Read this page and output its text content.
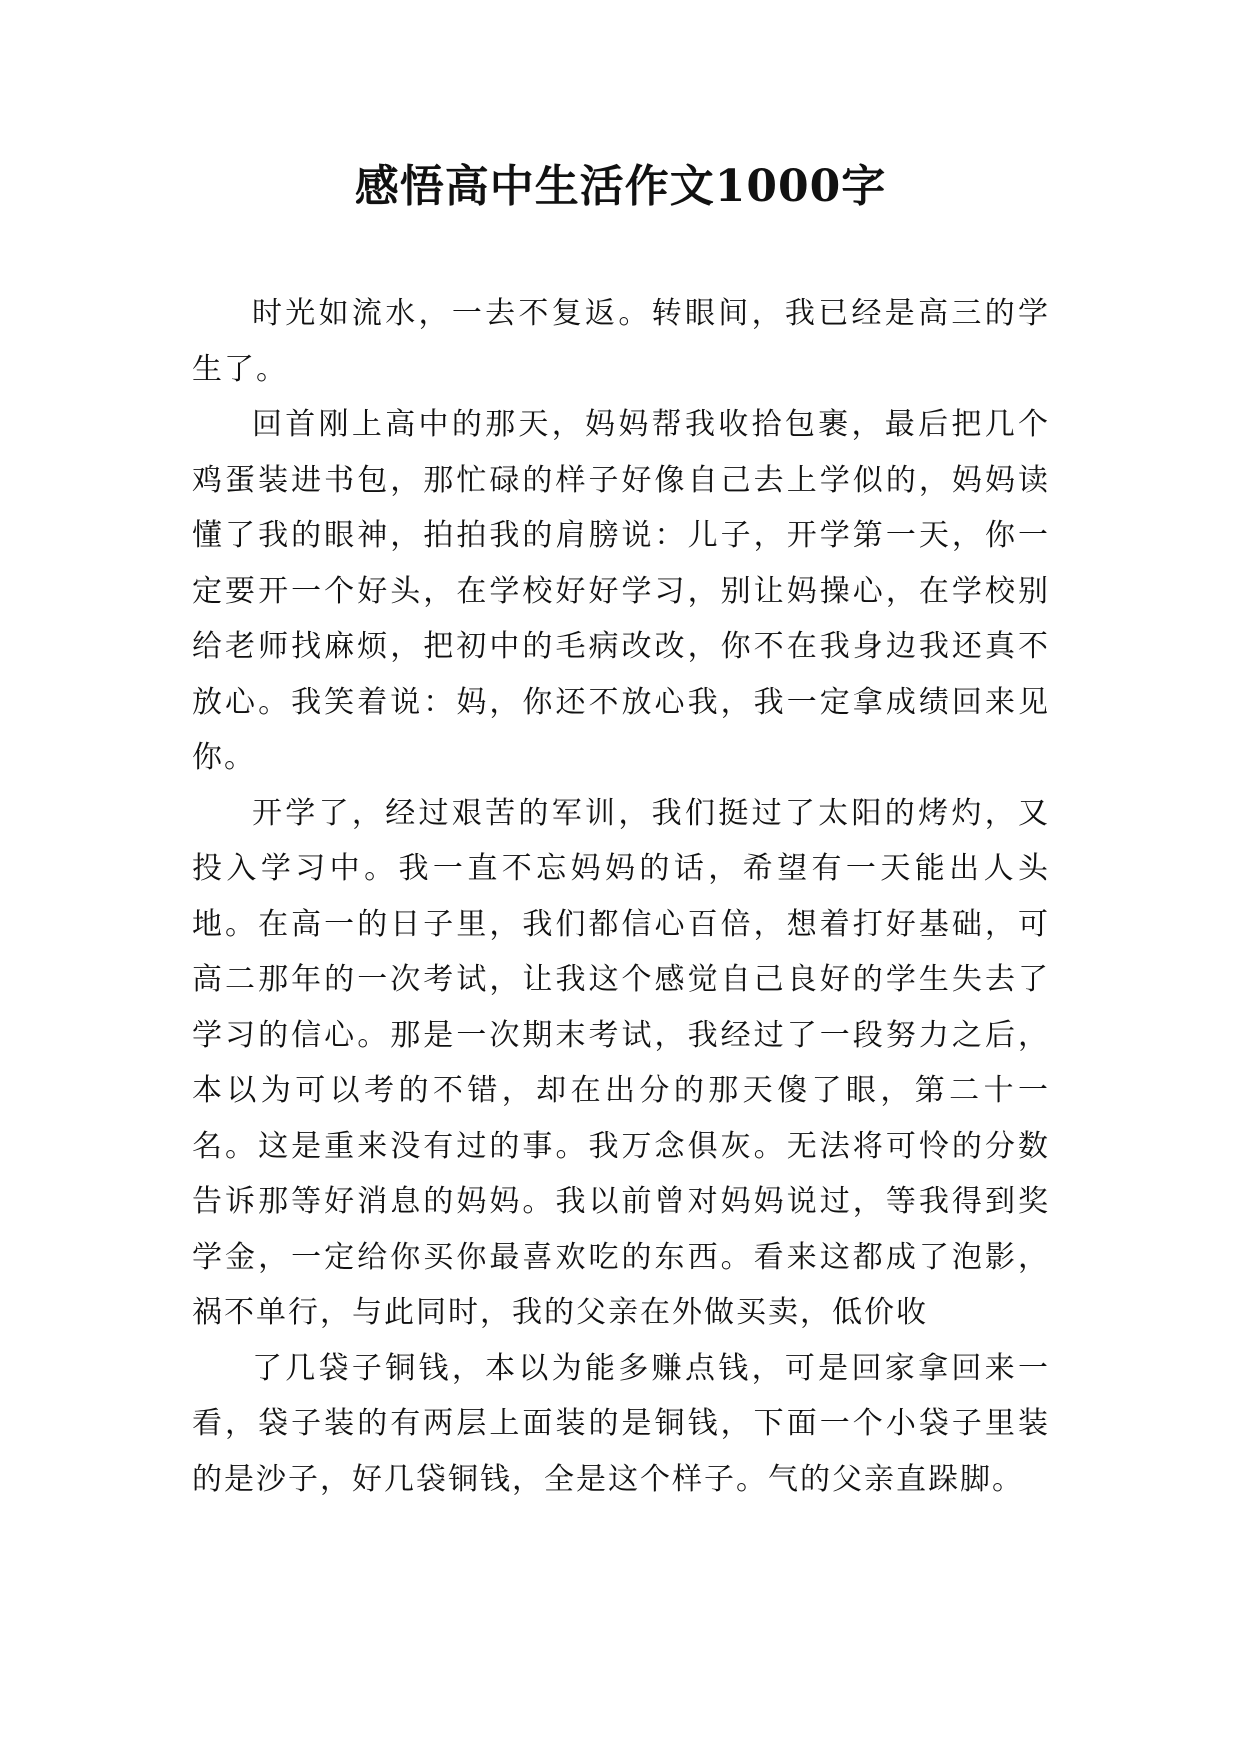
感悟高中生活作文1000字

时光如流水，一去不复返。转眼间，我已经是高三的学生了。

回首刚上高中的那天，妈妈帮我收拾包裹，最后把几个鸡蛋装进书包，那忙碌的样子好像自己去上学似的，妈妈读懂了我的眼神，拍拍我的肩膀说：儿子，开学第一天，你一定要开一个好头，在学校好好学习，别让妈操心，在学校别给老师找麻烦，把初中的毛病改改，你不在我身边我还真不放心。我笑着说：妈，你还不放心我，我一定拿成绩回来见你。

开学了，经过艰苦的军训，我们挺过了太阳的烤灼，又投入学习中。我一直不忘妈妈的话，希望有一天能出人头地。在高一的日子里，我们都信心百倍，想着打好基础，可高二那年的一次考试，让我这个感觉自己良好的学生失去了学习的信心。那是一次期末考试，我经过了一段努力之后，本以为可以考的不错，却在出分的那天傻了眼，第二十一名。这是重来没有过的事。我万念俱灰。无法将可怜的分数告诉那等好消息的妈妈。我以前曾对妈妈说过，等我得到奖学金，一定给你买你最喜欢吃的东西。看来这都成了泡影，祸不单行，与此同时，我的父亲在外做买卖，低价收

了几袋子铜钱，本以为能多赚点钱，可是回家拿回来一看，袋子装的有两层上面装的是铜钱，下面一个小袋子里装的是沙子，好几袋铜钱，全是这个样子。气的父亲直跺脚。
